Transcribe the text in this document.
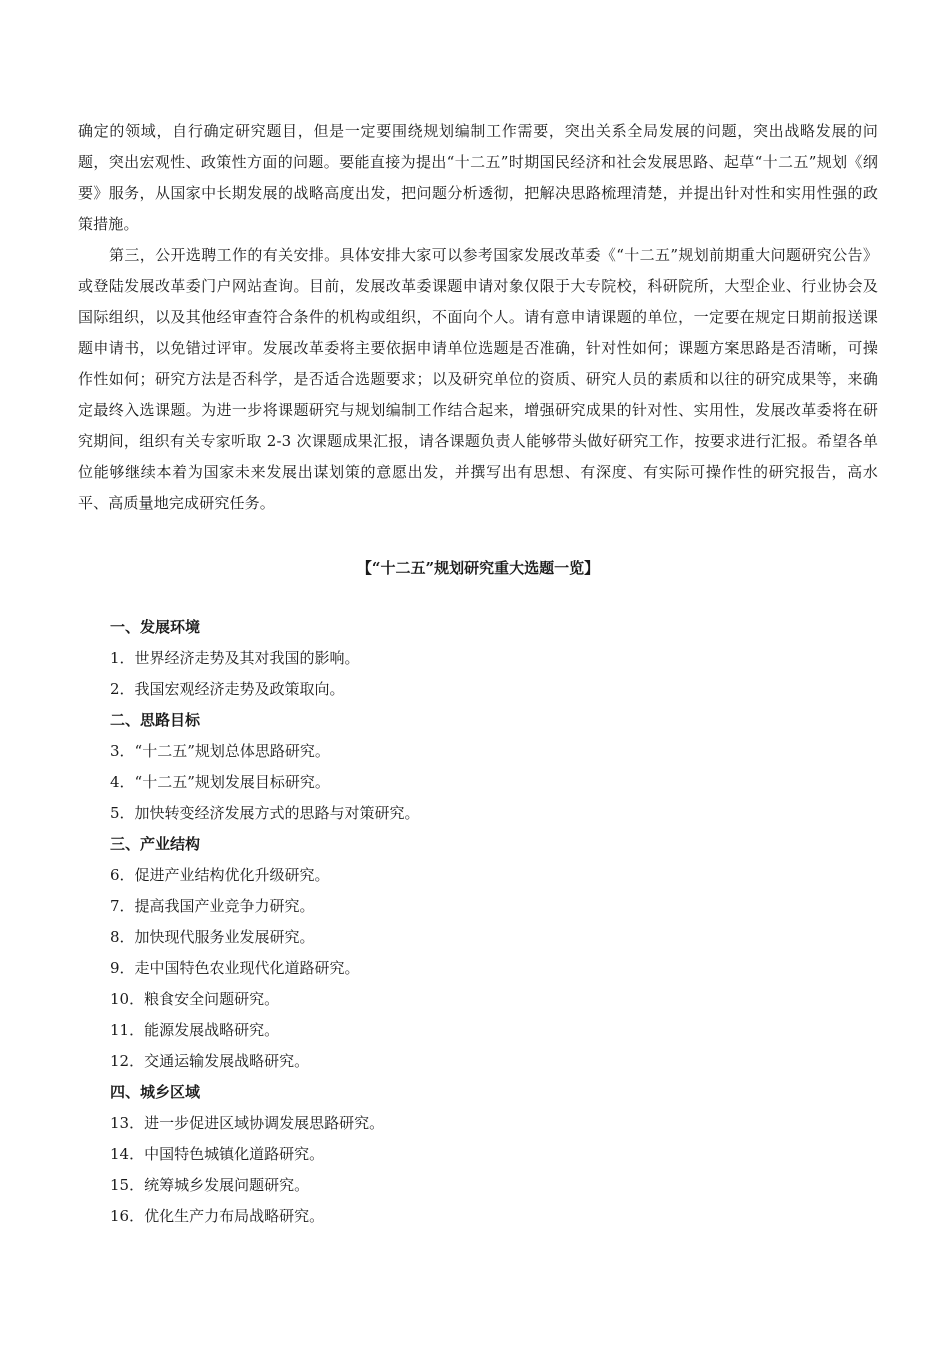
确定的领域，自行确定研究题目，但是一定要围绕规划编制工作需要，突出关系全局发展的问题，突出战略发展的问题，突出宏观性、政策性方面的问题。要能直接为提出“十二五”时期国民经济和社会发展思路、起草“十二五”规划《纲要》服务，从国家中长期发展的战略高度出发，把问题分析透彻，把解决思路梳理清楚，并提出针对性和实用性强的政策措施。

第三，公开选聘工作的有关安排。具体安排大家可以参考国家发展改革委《“十二五”规划前期重大问题研究公告》或登陆发展改革委门户网站查询。目前，发展改革委课题申请对象仅限于大专院校，科研院所，大型企业、行业协会及国际组织，以及其他经审查符合条件的机构或组织，不面向个人。请有意申请课题的单位，一定要在规定日期前报送课题申请书，以免错过评审。发展改革委将主要依据申请单位选题是否准确，针对性如何；课题方案思路是否清晰，可操作性如何；研究方法是否科学，是否适合选题要求；以及研究单位的资质、研究人员的素质和以往的研究成果等，来确定最终入选课题。为进一步将课题研究与规划编制工作结合起来，增强研究成果的针对性、实用性，发展改革委将在研究期间，组织有关专家听取 2-3 次课题成果汇报，请各课题负责人能够带头做好研究工作，按要求进行汇报。希望各单位能够继续本着为国家未来发展出谋划策的意愿出发，并撰写出有思想、有深度、有实际可操作性的研究报告，高水平、高质量地完成研究任务。

【“十二五”规划研究重大选题一览】

一、发展环境

1．世界经济走势及其对我国的影响。

2．我国宏观经济走势及政策取向。

二、思路目标

3．“十二五”规划总体思路研究。

4．“十二五”规划发展目标研究。

5．加快转变经济发展方式的思路与对策研究。

三、产业结构

6．促进产业结构优化升级研究。

7．提高我国产业竞争力研究。

8．加快现代服务业发展研究。

9．走中国特色农业现代化道路研究。

10．粮食安全问题研究。

11．能源发展战略研究。

12．交通运输发展战略研究。

四、城乡区域

13．进一步促进区域协调发展思路研究。

14．中国特色城镇化道路研究。

15．统筹城乡发展问题研究。

16．优化生产力布局战略研究。
